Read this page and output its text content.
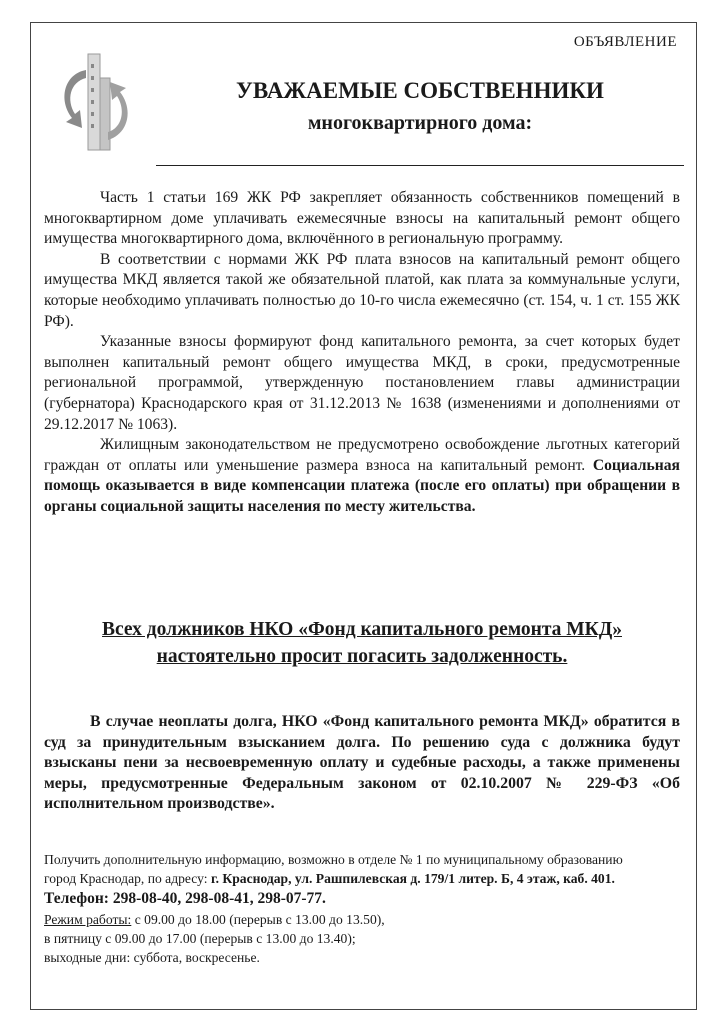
ОБЪЯВЛЕНИЕ
УВАЖАЕМЫЕ СОБСТВЕННИКИ
многоквартирного дома:

Часть 1 статьи 169 ЖК РФ закрепляет обязанность собственников помещений в многоквартирном доме уплачивать ежемесячные взносы на капитальный ремонт общего имущества многоквартирного дома, включённого в региональную программу.

В соответствии с нормами ЖК РФ плата взносов на капитальный ремонт общего имущества МКД является такой же обязательной платой, как плата за коммунальные услуги, которые необходимо уплачивать полностью до 10-го числа ежемесячно (ст. 154, ч. 1 ст. 155 ЖК РФ).

Указанные взносы формируют фонд капитального ремонта, за счет которых будет выполнен капитальный ремонт общего имущества МКД, в сроки, предусмотренные региональной программой, утвержденную постановлением главы администрации (губернатора) Краснодарского края от 31.12.2013 № 1638 (изменениями и дополнениями от 29.12.2017 № 1063).

Жилищным законодательством не предусмотрено освобождение льготных категорий граждан от оплаты или уменьшение размера взноса на капитальный ремонт. Социальная помощь оказывается в виде компенсации платежа (после его оплаты) при обращении в органы социальной защиты населения по месту жительства.

Всех должников НКО «Фонд капитального ремонта МКД»
настоятельно просит погасить задолженность.

В случае неоплаты долга, НКО «Фонд капитального ремонта МКД» обратится в суд за принудительным взысканием долга. По решению суда с должника будут взысканы пени за несвоевременную оплату и судебные расходы, а также применены меры, предусмотренные Федеральным законом от 02.10.2007 № 229-ФЗ «Об исполнительном производстве».

Получить дополнительную информацию, возможно в отделе № 1 по муниципальному образованию
город Краснодар, по адресу: г. Краснодар, ул. Рашпилевская д. 179/1 литер. Б, 4 этаж, каб. 401.
Телефон: 298-08-40, 298-08-41, 298-07-77.
Режим работы: с 09.00 до 18.00 (перерыв с 13.00 до 13.50),
в пятницу с 09.00 до 17.00 (перерыв с 13.00 до 13.40);
выходные дни: суббота, воскресенье.
